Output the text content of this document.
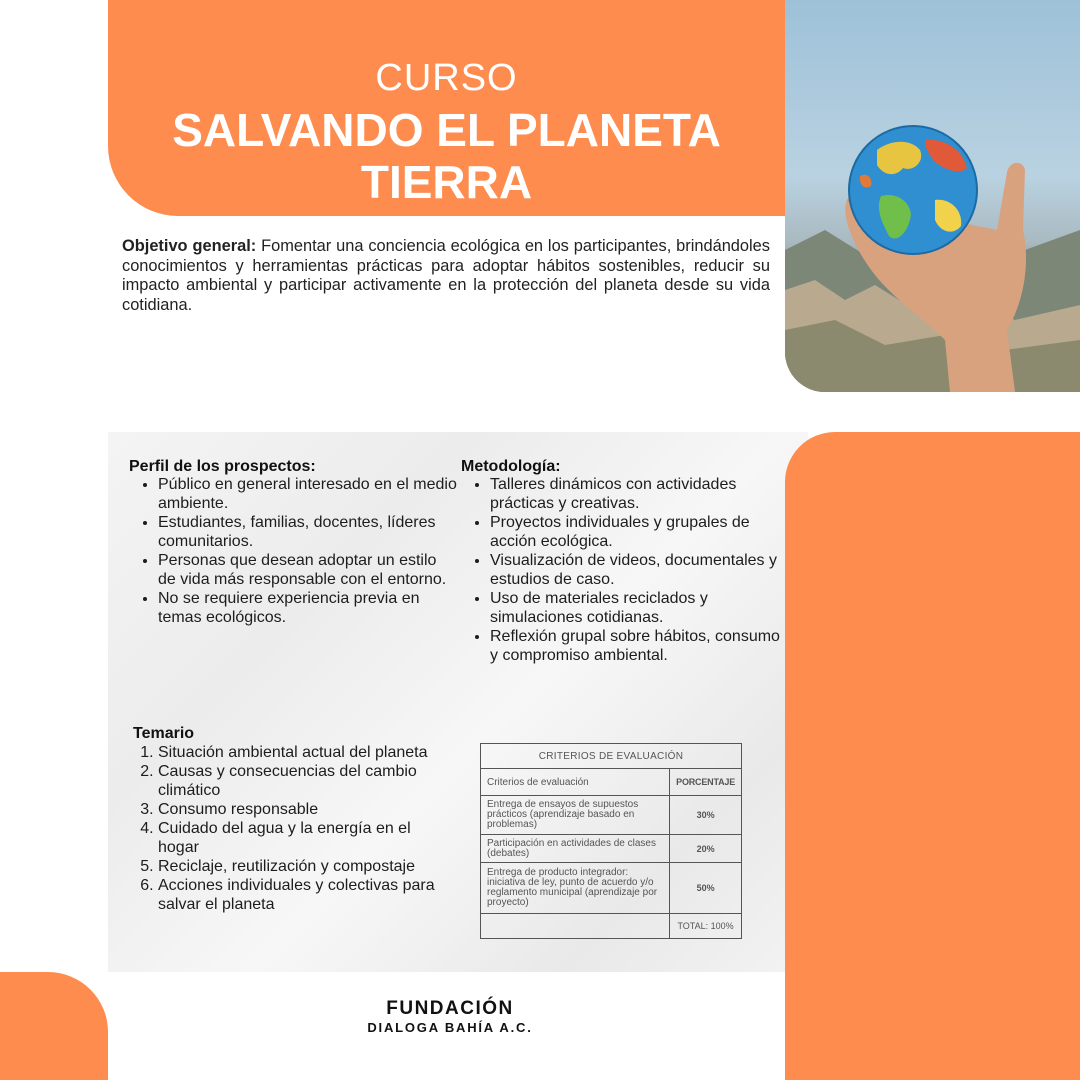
CURSO
SALVANDO EL PLANETA
TIERRA
Objetivo general: Fomentar una conciencia ecológica en los participantes, brindándoles conocimientos y herramientas prácticas para adoptar hábitos sostenibles, reducir su impacto ambiental y participar activamente en la protección del planeta desde su vida cotidiana.
Perfil de los prospectos:
• Público en general interesado en el medio ambiente.
• Estudiantes, familias, docentes, líderes comunitarios.
• Personas que desean adoptar un estilo de vida más responsable con el entorno.
• No se requiere experiencia previa en temas ecológicos.
Metodología:
• Talleres dinámicos con actividades prácticas y creativas.
• Proyectos individuales y grupales de acción ecológica.
• Visualización de videos, documentales y estudios de caso.
• Uso de materiales reciclados y simulaciones cotidianas.
• Reflexión grupal sobre hábitos, consumo y compromiso ambiental.
Temario
1. Situación ambiental actual del planeta
2. Causas y consecuencias del cambio climático
3. Consumo responsable
4. Cuidado del agua y la energía en el hogar
5. Reciclaje, reutilización y compostaje
6. Acciones individuales y colectivas para salvar el planeta
CRITERIOS DE EVALUACIÓN	
Criterios de evaluación	PORCENTAJE
Entrega de ensayos de supuestos prácticos (aprendizaje basado en problemas)	30%
Participación en actividades de clases (debates)	20%
Entrega de producto integrador: iniciativa de ley, punto de acuerdo y/o reglamento municipal (aprendizaje por proyecto)	50%
	TOTAL: 100%
FUNDACIÓN
DIALOGA BAHÍA A.C.
